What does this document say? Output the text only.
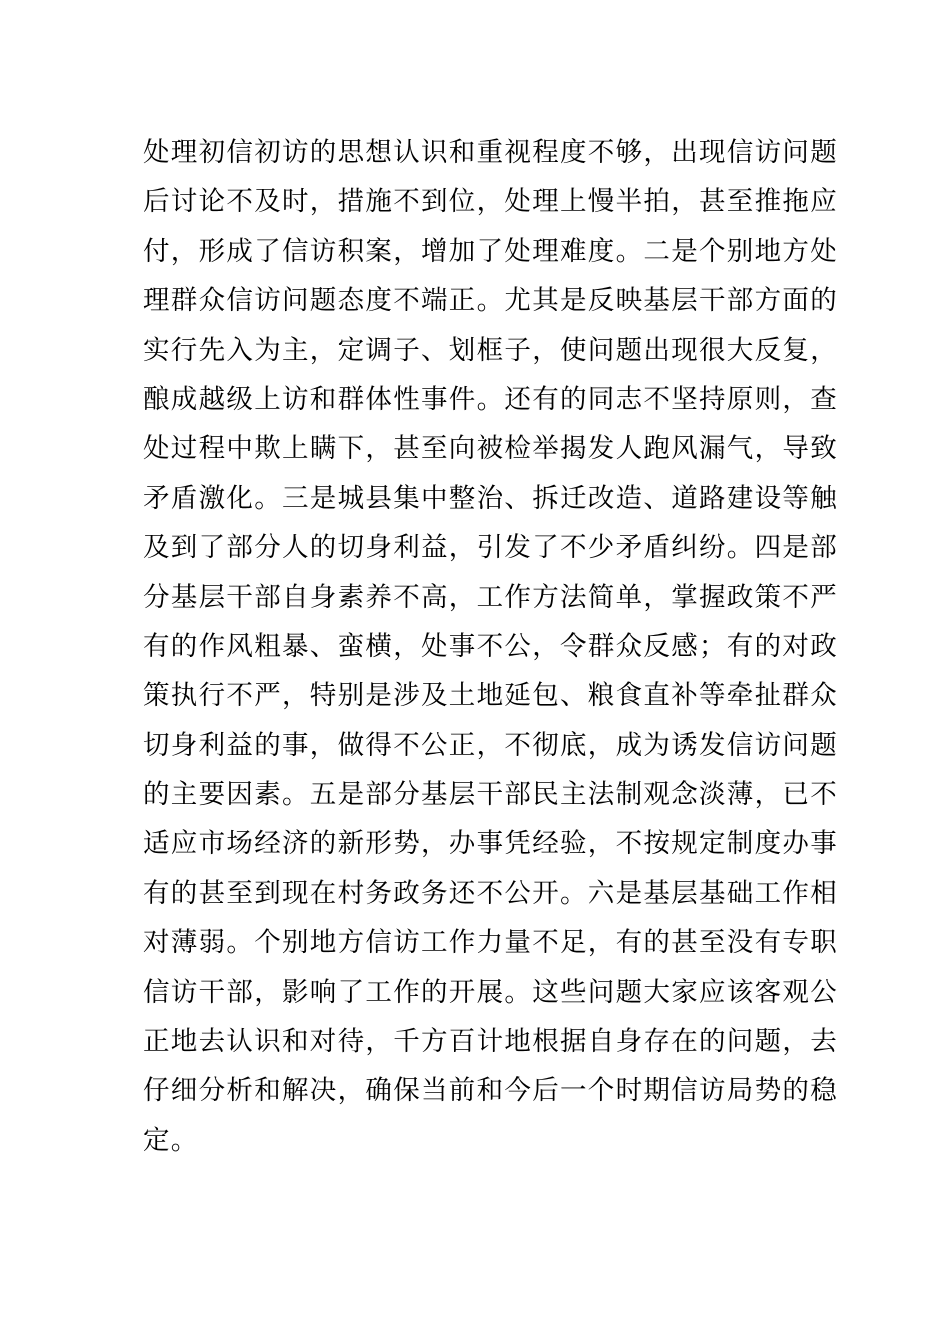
处理初信初访的思想认识和重视程度不够，出现信访问题
后讨论不及时，措施不到位，处理上慢半拍，甚至推拖应
付，形成了信访积案，增加了处理难度。二是个别地方处
理群众信访问题态度不端正。尤其是反映基层干部方面的
实行先入为主，定调子、划框子，使问题出现很大反复，
酿成越级上访和群体性事件。还有的同志不坚持原则，查
处过程中欺上瞒下，甚至向被检举揭发人跑风漏气，导致
矛盾激化。三是城县集中整治、拆迁改造、道路建设等触
及到了部分人的切身利益，引发了不少矛盾纠纷。四是部
分基层干部自身素养不高，工作方法简单，掌握政策不严
有的作风粗暴、蛮横，处事不公，令群众反感；有的对政
策执行不严，特别是涉及土地延包、粮食直补等牵扯群众
切身利益的事，做得不公正，不彻底，成为诱发信访问题
的主要因素。五是部分基层干部民主法制观念淡薄，已不
适应市场经济的新形势，办事凭经验，不按规定制度办事
有的甚至到现在村务政务还不公开。六是基层基础工作相
对薄弱。个别地方信访工作力量不足，有的甚至没有专职
信访干部，影响了工作的开展。这些问题大家应该客观公
正地去认识和对待，千方百计地根据自身存在的问题，去
仔细分析和解决，确保当前和今后一个时期信访局势的稳
定。
